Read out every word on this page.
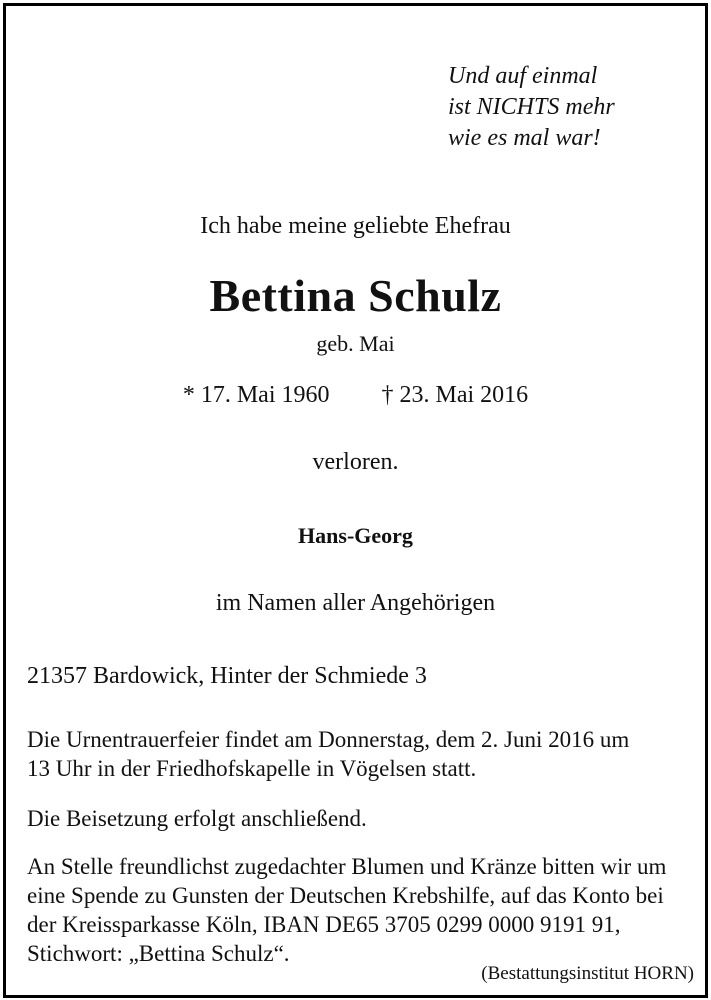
Und auf einmal
ist NICHTS mehr
wie es mal war!
Ich habe meine geliebte Ehefrau
Bettina Schulz
geb. Mai
* 17. Mai 1960 † 23. Mai 2016
verloren.
Hans-Georg
im Namen aller Angehörigen
21357 Bardowick, Hinter der Schmiede 3
Die Urnentrauerfeier findet am Donnerstag, dem 2. Juni 2016 um
13 Uhr in der Friedhofskapelle in Vögelsen statt.
Die Beisetzung erfolgt anschließend.
An Stelle freundlichst zugedachter Blumen und Kränze bitten wir um
eine Spende zu Gunsten der Deutschen Krebshilfe, auf das Konto bei
der Kreissparkasse Köln, IBAN DE65 3705 0299 0000 9191 91,
Stichwort: „Bettina Schulz“.
(Bestattungsinstitut HORN)
